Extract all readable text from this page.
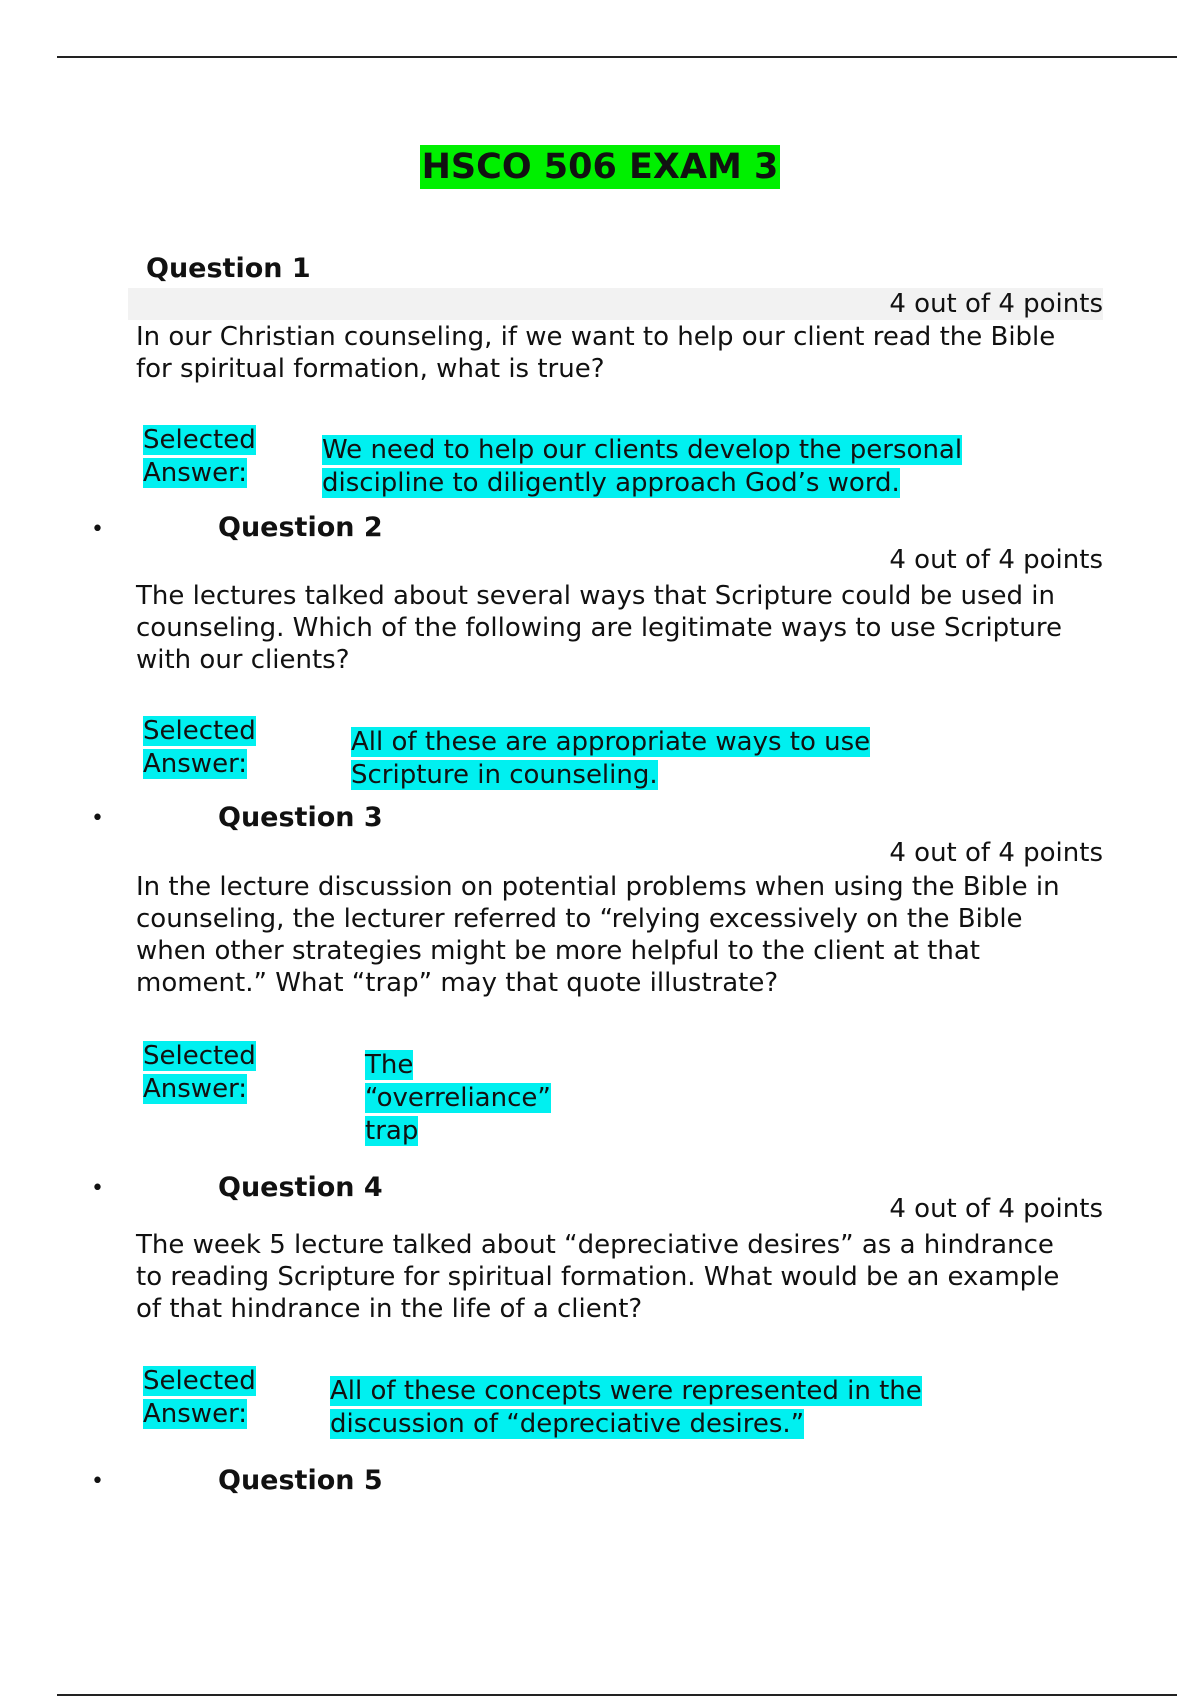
HSCO 506 EXAM 3
Question 1
4 out of 4 points
In our Christian counseling, if we want to help our client read the Bible for spiritual formation, what is true?
Selected Answer:
We need to help our clients develop the personal discipline to diligently approach God’s word.
•	Question 2
4 out of 4 points
The lectures talked about several ways that Scripture could be used in counseling. Which of the following are legitimate ways to use Scripture with our clients?
Selected Answer:
All of these are appropriate ways to use Scripture in counseling.
•	Question 3
4 out of 4 points
In the lecture discussion on potential problems when using the Bible in counseling, the lecturer referred to “relying excessively on the Bible when other strategies might be more helpful to the client at that moment.” What “trap” may that quote illustrate?
Selected Answer:
The “overreliance” trap
•	Question 4
4 out of 4 points
The week 5 lecture talked about “depreciative desires” as a hindrance to reading Scripture for spiritual formation. What would be an example of that hindrance in the life of a client?
Selected Answer:
All of these concepts were represented in the discussion of “depreciative desires.”
•	Question 5
